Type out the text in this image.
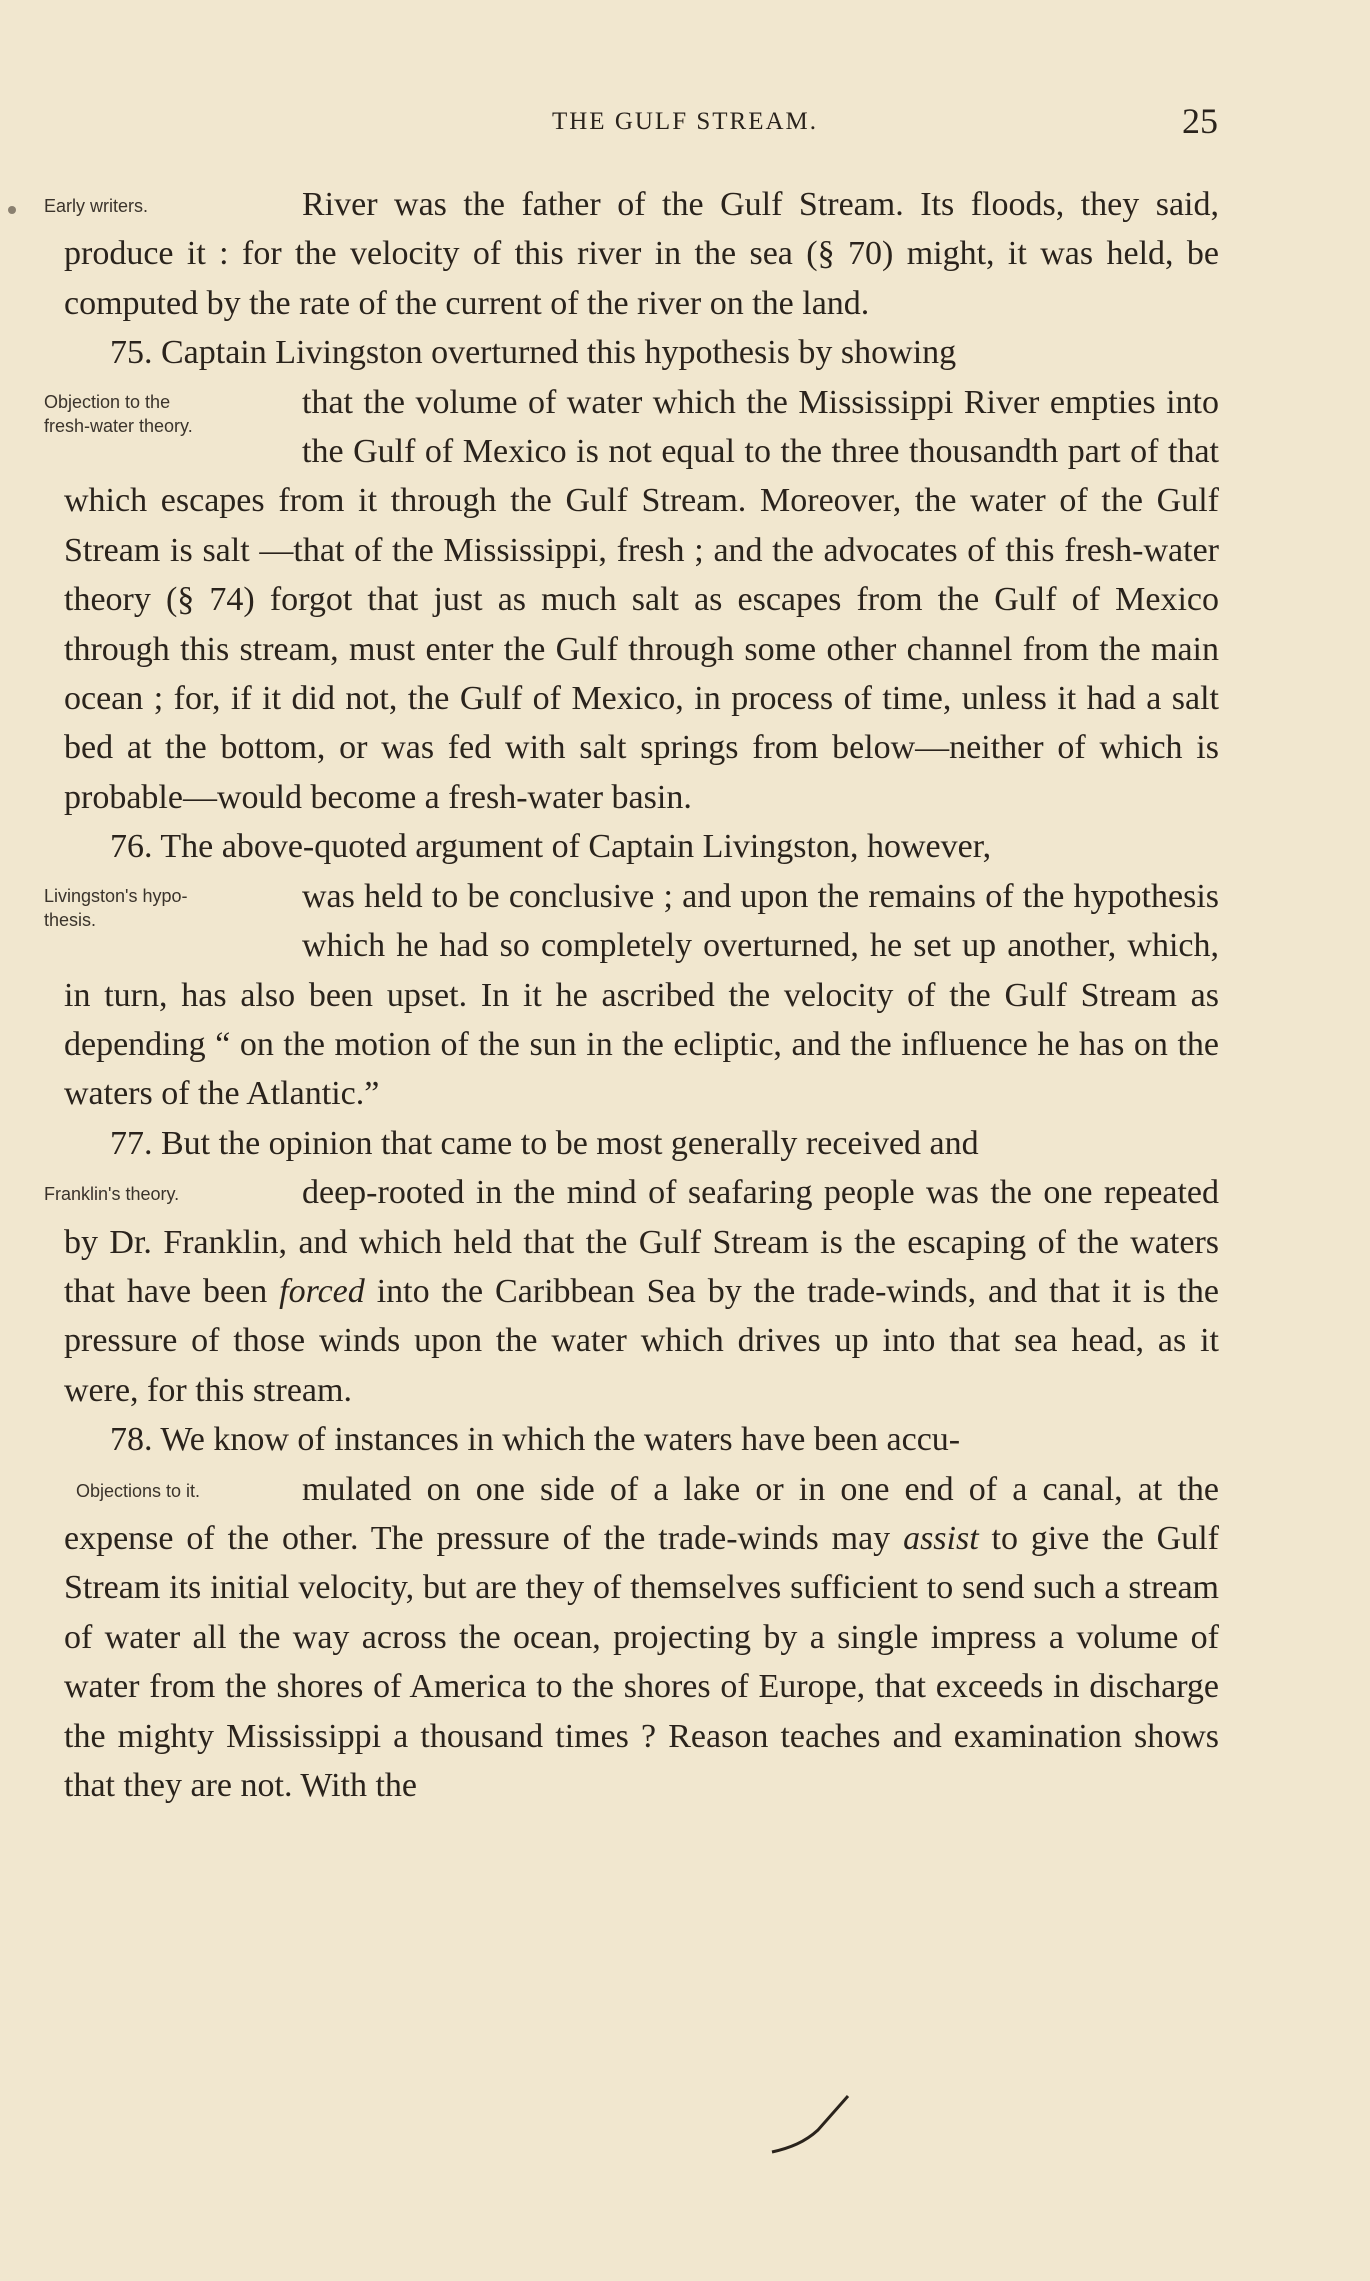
THE GULF STREAM.	25
Early writers.	River was the father of the Gulf Stream. Its floods, they said, produce it : for the velocity of this river in the sea (§ 70) might, it was held, be computed by the rate of the current of the river on the land.

75. Captain Livingston overturned this hypothesis by showing

Objection to the
fresh-water theory.

that the volume of water which the Mississippi River empties into the Gulf of Mexico is not equal to the three thousandth part of that which escapes from it through the Gulf Stream. Moreover, the water of the Gulf Stream is salt —that of the Mississippi, fresh ; and the advocates of this fresh-water theory (§ 74) forgot that just as much salt as escapes from the Gulf of Mexico through this stream, must enter the Gulf through some other channel from the main ocean ; for, if it did not, the Gulf of Mexico, in process of time, unless it had a salt bed at the bottom, or was fed with salt springs from below—neither of which is probable—would become a fresh-water basin.

76. The above-quoted argument of Captain Livingston, however,

Livingston's hypo-
thesis.

was held to be conclusive ; and upon the remains of the hypothesis which he had so completely overturned, he set up another, which, in turn, has also been upset. In it he ascribed the velocity of the Gulf Stream as depending “ on the motion of the sun in the ecliptic, and the influence he has on the waters of the Atlantic.”

77. But the opinion that came to be most generally received and

Franklin's theory.	deep-rooted in the mind of seafaring people was the one repeated by Dr. Franklin, and which held that the Gulf Stream is the escaping of the waters that have been forced into the Caribbean Sea by the trade-winds, and that it is the pressure of those winds upon the water which drives up into that sea head, as it were, for this stream.

78. We know of instances in which the waters have been accu-

Objections to it.	mulated on one side of a lake or in one end of a canal, at the expense of the other. The pressure of the trade-winds may assist to give the Gulf Stream its initial velocity, but are they of themselves sufficient to send such a stream of water all the way across the ocean, projecting by a single impress a volume of water from the shores of America to the shores of Europe, that exceeds in discharge the mighty Mississippi a thousand times ? Reason teaches and examination shows that they are not. With the
